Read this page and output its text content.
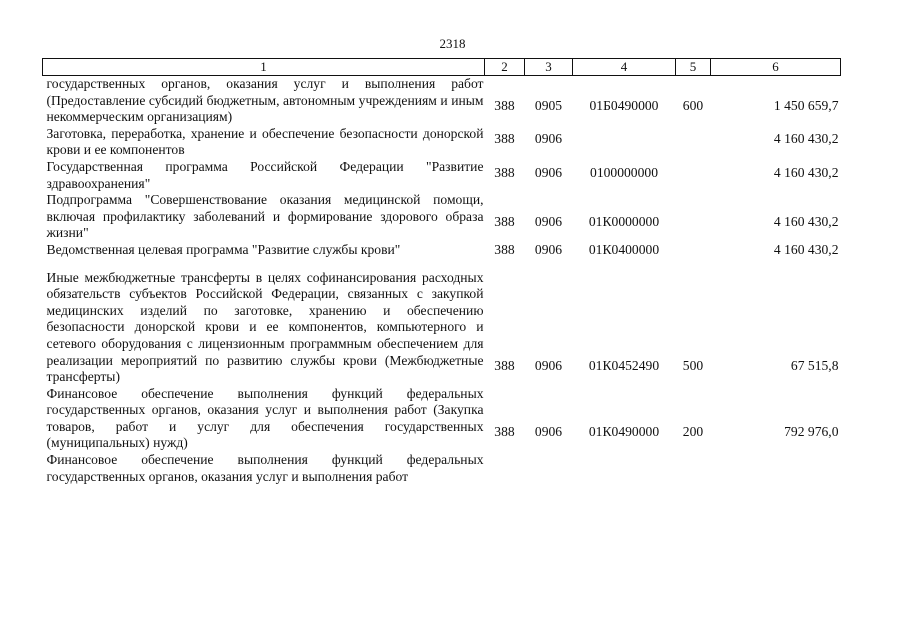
2318
1	2	3	4	5	6
государственных органов, оказания услуг и выполнения работ (Предоставление субсидий бюджетным, автономным учреждениям и иным некоммерческим организациям)	388	0905	01Б0490000	600	1 450 659,7
Заготовка, переработка, хранение и обеспечение безопасности донорской крови и ее компонентов	388	0906			4 160 430,2
Государственная программа Российской Федерации "Развитие здравоохранения"	388	0906	0100000000		4 160 430,2
Подпрограмма "Совершенствование оказания медицинской помощи, включая профилактику заболеваний и формирование здорового образа жизни"	388	0906	01К0000000		4 160 430,2
Ведомственная целевая программа "Развитие службы крови"	388	0906	01К0400000		4 160 430,2
Иные межбюджетные трансферты в целях софинансирования расходных обязательств субъектов Российской Федерации, связанных с закупкой медицинских изделий по заготовке, хранению и обеспечению безопасности донорской крови и ее компонентов, компьютерного и сетевого оборудования с лицензионным программным обеспечением для реализации мероприятий по развитию службы крови (Межбюджетные трансферты)	388	0906	01К0452490	500	67 515,8
Финансовое обеспечение выполнения функций федеральных государственных органов, оказания услуг и выполнения работ (Закупка товаров, работ и услуг для обеспечения государственных (муниципальных) нужд)	388	0906	01К0490000	200	792 976,0
Финансовое обеспечение выполнения функций федеральных государственных органов, оказания услуг и выполнения работ					
